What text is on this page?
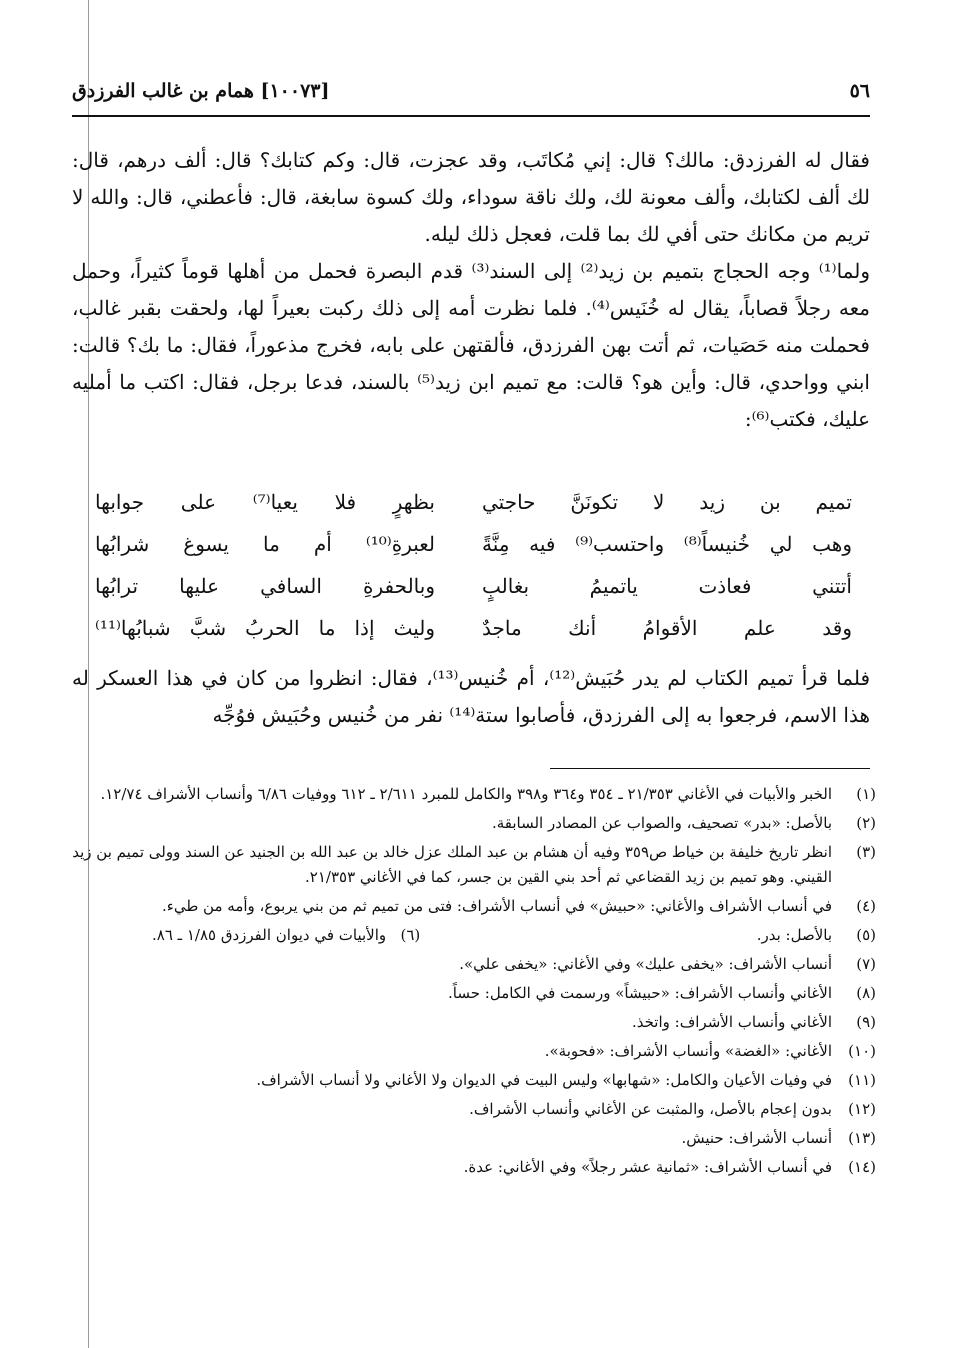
٥٦
[١٠٠٧٣] همام بن غالب الفرزدق

فقال له الفرزدق: مالك؟ قال: إني مُكاتَب، وقد عجزت، قال: وكم كتابك؟ قال: ألف درهم، قال: لك ألف لكتابك، وألف معونة لك، ولك ناقة سوداء، ولك كسوة سابغة، قال: فأعطني، قال: والله لا تريم من مكانك حتى أفي لك بما قلت، فعجل ذلك ليله.

ولما⁽¹⁾ وجه الحجاج بتميم بن زيد⁽²⁾ إلى السند⁽³⁾ قدم البصرة فحمل من أهلها قوماً كثيراً، وحمل معه رجلاً قصاباً، يقال له خُنَيس⁽⁴⁾. فلما نظرت أمه إلى ذلك ركبت بعيراً لها، ولحقت بقبر غالب، فحملت منه حَصَيات، ثم أتت بهن الفرزدق، فألقتهن على بابه، فخرج مذعوراً، فقال: ما بك؟ قالت: ابني وواحدي، قال: وأين هو؟ قالت: مع تميم ابن زيد⁽⁵⁾ بالسند، فدعا برجل، فقال: اكتب ما أمليه عليك، فكتب⁽⁶⁾:

تميم بن زيد لا تكونَنَّ حاجتي
بظهرٍ فلا يعيا⁽⁷⁾ على جوابها
وهب لي خُنيساً⁽⁸⁾ واحتسب⁽⁹⁾ فيه مِنَّةً
لعبرةِ⁽¹⁰⁾ أم ما يسوغ شرابُها
أتتني فعاذت ياتميمُ بغالبٍ
وبالحفرةِ السافي عليها ترابُها
وقد علم الأقوامُ أنك ماجدٌ
وليث إذا ما الحربُ شبَّ شبابُها⁽¹¹⁾

فلما قرأ تميم الكتاب لم يدر حُبَيش⁽¹²⁾، أم خُنيس⁽¹³⁾، فقال: انظروا من كان في هذا العسكر له هذا الاسم، فرجعوا به إلى الفرزدق، فأصابوا ستة⁽¹⁴⁾ نفر من خُنيس وحُبَيش فوُجِّه

(١)
الخبر والأبيات في الأغاني ٢١/٣٥٣ ـ ٣٥٤ و٣٦٤ و٣٩٨ والكامل للمبرد ٢/٦١١ ـ ٦١٢ ووفيات ٦/٨٦ وأنساب الأشراف ١٢/٧٤.

(٢)
بالأصل: «بدر» تصحيف، والصواب عن المصادر السابقة.

(٣)
انظر تاريخ خليفة بن خياط ص٣٥٩ وفيه أن هشام بن عبد الملك عزل خالد بن عبد الله بن الجنيد عن السند وولى تميم بن زيد القيني. وهو تميم بن زيد القضاعي ثم أحد بني القين بن جسر، كما في الأغاني ٢١/٣٥٣.

(٤)
في أنساب الأشراف والأغاني: «حبيش» في أنساب الأشراف: فتى من تميم ثم من بني يربوع، وأمه من طيء.

(٥)
بالأصل: بدر.
(٦)   والأبيات في ديوان الفرزدق ١/٨٥ ـ ٨٦.

(٧)
أنساب الأشراف: «يخفى عليك» وفي الأغاني: «يخفى علي».

(٨)
الأغاني وأنساب الأشراف: «حبيشاً» ورسمت في الكامل: حساً.

(٩)
الأغاني وأنساب الأشراف: واتخذ.

(١٠)
الأغاني: «الغضة» وأنساب الأشراف: «فحوبة».

(١١)
في وفيات الأعيان والكامل: «شهابها» وليس البيت في الديوان ولا الأغاني ولا أنساب الأشراف.

(١٢)
بدون إعجام بالأصل، والمثبت عن الأغاني وأنساب الأشراف.

(١٣)
أنساب الأشراف: حنيش.

(١٤)
في أنساب الأشراف: «ثمانية عشر رجلاً» وفي الأغاني: عدة.
